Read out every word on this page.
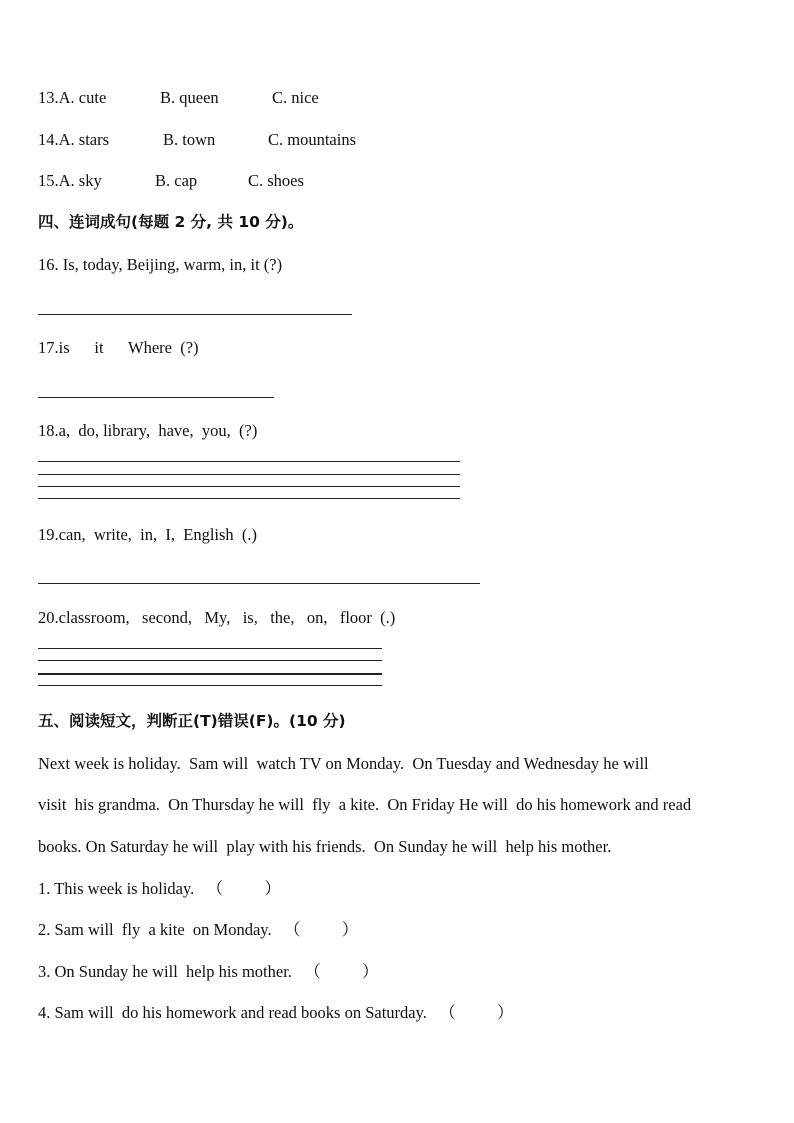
13.A. cute	B. queen	C. nice
14.A. stars	B. town	C. mountains
15.A. sky	B. cap	C. shoes
四、连词成句(每题 2 分, 共 10 分)。
16. Is, today, Beijing, warm, in, it (?)
17.is      it      Where  (?)
18.a,  do, library,  have,  you,  (?)
19.can,  write,  in,  I,  English  (.)
20.classroom,   second,   My,   is,   the,   on,   floor  (.)
五、阅读短文，判断正(T)错误(F)。(10 分)
Next week is holiday.  Sam will  watch TV on Monday.  On Tuesday and Wednesday he will
visit  his grandma.  On Thursday he will  fly  a kite.  On Friday He will  do his homework and read
books. On Saturday he will  play with his friends.  On Sunday he will  help his mother.
1. This week is holiday. （          ）
2. Sam will  fly  a kite  on Monday. （          ）
3. On Sunday he will  help his mother. （          ）
4. Sam will  do his homework and read books on Saturday. （          ）
